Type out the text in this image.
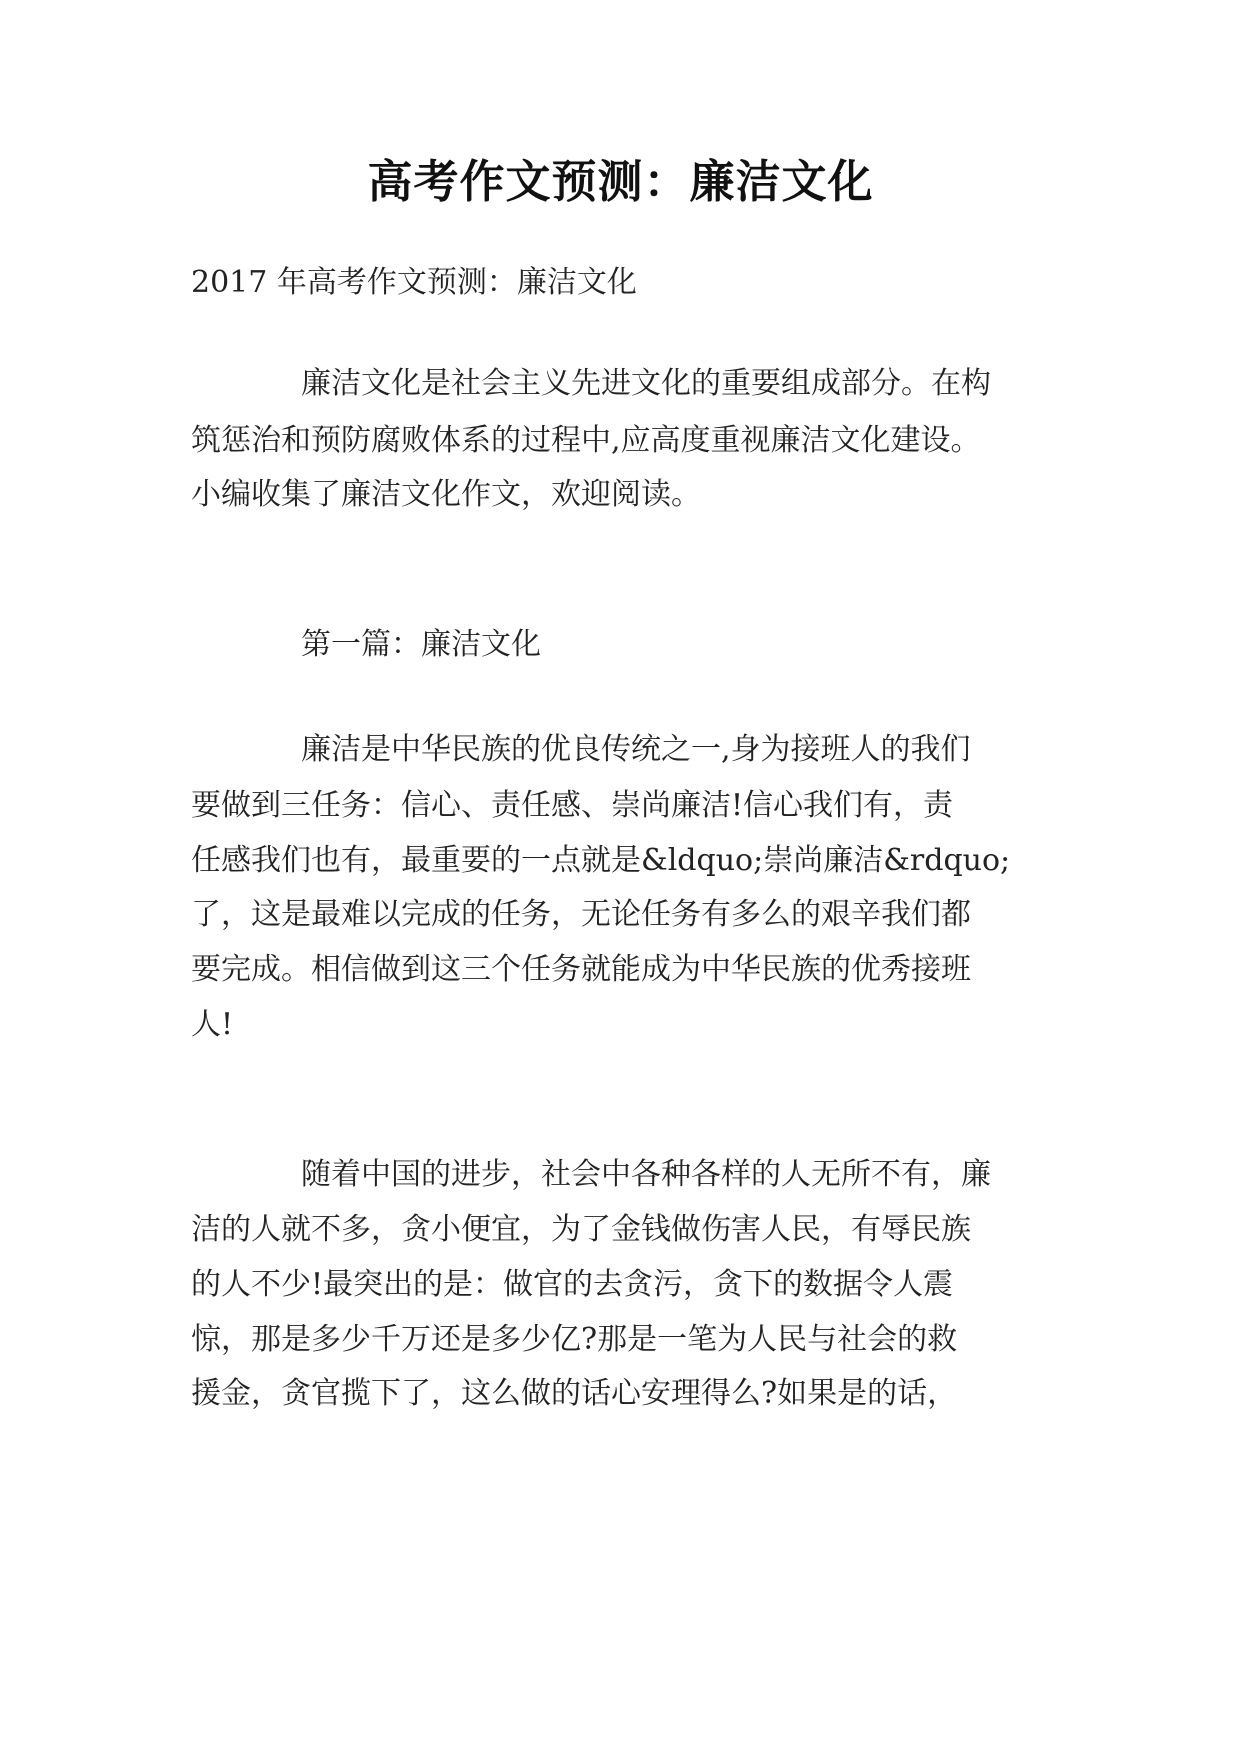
高考作文预测：廉洁文化

2017 年高考作文预测：廉洁文化

廉洁文化是社会主义先进文化的重要组成部分。在构

筑惩治和预防腐败体系的过程中,应高度重视廉洁文化建设。

小编收集了廉洁文化作文，欢迎阅读。

第一篇：廉洁文化

廉洁是中华民族的优良传统之一,身为接班人的我们

要做到三任务：信心、责任感、崇尚廉洁!信心我们有，责

任感我们也有，最重要的一点就是&ldquo;崇尚廉洁&rdquo;

了，这是最难以完成的任务，无论任务有多么的艰辛我们都

要完成。相信做到这三个任务就能成为中华民族的优秀接班

人!

随着中国的进步，社会中各种各样的人无所不有，廉

洁的人就不多，贪小便宜，为了金钱做伤害人民，有辱民族

的人不少!最突出的是：做官的去贪污，贪下的数据令人震

惊，那是多少千万还是多少亿?那是一笔为人民与社会的救

援金，贪官揽下了，这么做的话心安理得么?如果是的话，
